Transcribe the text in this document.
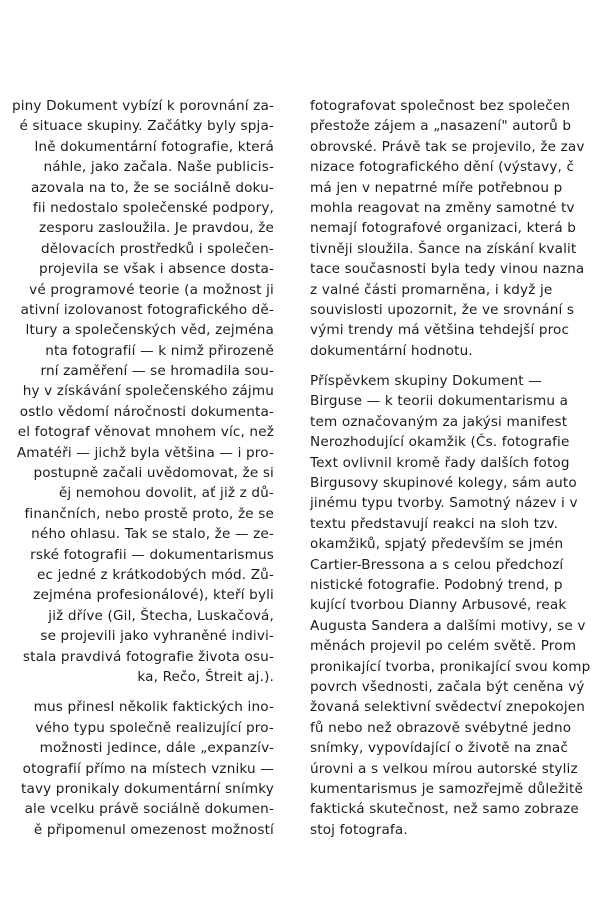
piny Dokument vybízí k porovnání za-
é situace skupiny. Začátky byly spja-
lně dokumentární fotografie, která
náhle, jako začala. Naše publicis-
azovala na to, že se sociálně doku-
fii nedostalo společenské podpory,
zesporu zasloužila. Je pravdou, že
dělovacích prostředků i společen-
projevila se však i absence dosta-
vé programové teorie (a možnost ji
ativní izolovanost fotografického dě-
ltury a společenských věd, zejména
nta fotografií — k nimž přirozeně
rní zaměření — se hromadila sou-
hy v získávání společenského zájmu
ostlo vědomí náročnosti dokumenta-
el fotograf věnovat mnohem víc, než
Amatéři — jichž byla většina — i pro-
postupně začali uvědomovat, že si
ěj nemohou dovolit, ať již z dů-
finančních, nebo prostě proto, že se
ného ohlasu. Tak se stalo, že — ze-
rské fotografii — dokumentarismus
ec jedné z krátkodobých mód. Zů-
zejména profesionálové), kteří byli
již dříve (Gil, Štecha, Luskačová,
se projevili jako vyhraněné indivi-
stala pravdivá fotografie života osu-
ka, Rečo, Štreit aj.).
mus přinesl několik faktických ino-
vého typu společně realizující pro-
možnosti jedince, dále „expanzív-
otografií přímo na místech vzniku —
tavy pronikaly dokumentární snímky
ale vcelku právě sociálně dokumen-
ě připomenul omezenost možností
fotografovat společnost bez společen
přestože zájem a „nasazení" autorů b
obrovské. Právě tak se projevilo, že zav
nizace fotografického dění (výstavy, č
má jen v nepatrné míře potřebnou p
mohla reagovat na změny samotné tv
nemají fotografové organizaci, která b
tivněji sloužila. Šance na získání kvalit
tace současnosti byla tedy vinou nazna
z valné části promarněna, i když je
souvislosti upozornit, že ve srovnání s
vými trendy má většina tehdejší proc
dokumentární hodnotu.
Příspěvkem skupiny Dokument —
Birguse — k teorii dokumentarismu a
tem označovaným za jakýsi manifest
Nerozhodující okamžik (Čs. fotografie
Text ovlivnil kromě řady dalších fotog
Birgusovy skupinové kolegy, sám auto
jinému typu tvorby. Samotný název i v
textu představují reakci na sloh tzv.
okamžiků, spjatý především se jmén
Cartier-Bressona a s celou předchozí
nistické fotografie. Podobný trend, p
kující tvorbou Dianny Arbusové, reak
Augusta Sandera a dalšími motivy, se v
měnách projevil po celém světě. Prom
pronikající tvorba, pronikající svou komp
povrch všednosti, začala být ceněna vý
žovaná selektivní svědectví znepokojen
fů nebo než obrazově svébytné jedno
snímky, vypovídající o životě na znač
úrovni a s velkou mírou autorské styliz
kumentarismus je samozřejmě důležitě
faktická skutečnost, než samo zobraze
stoj fotografa.
